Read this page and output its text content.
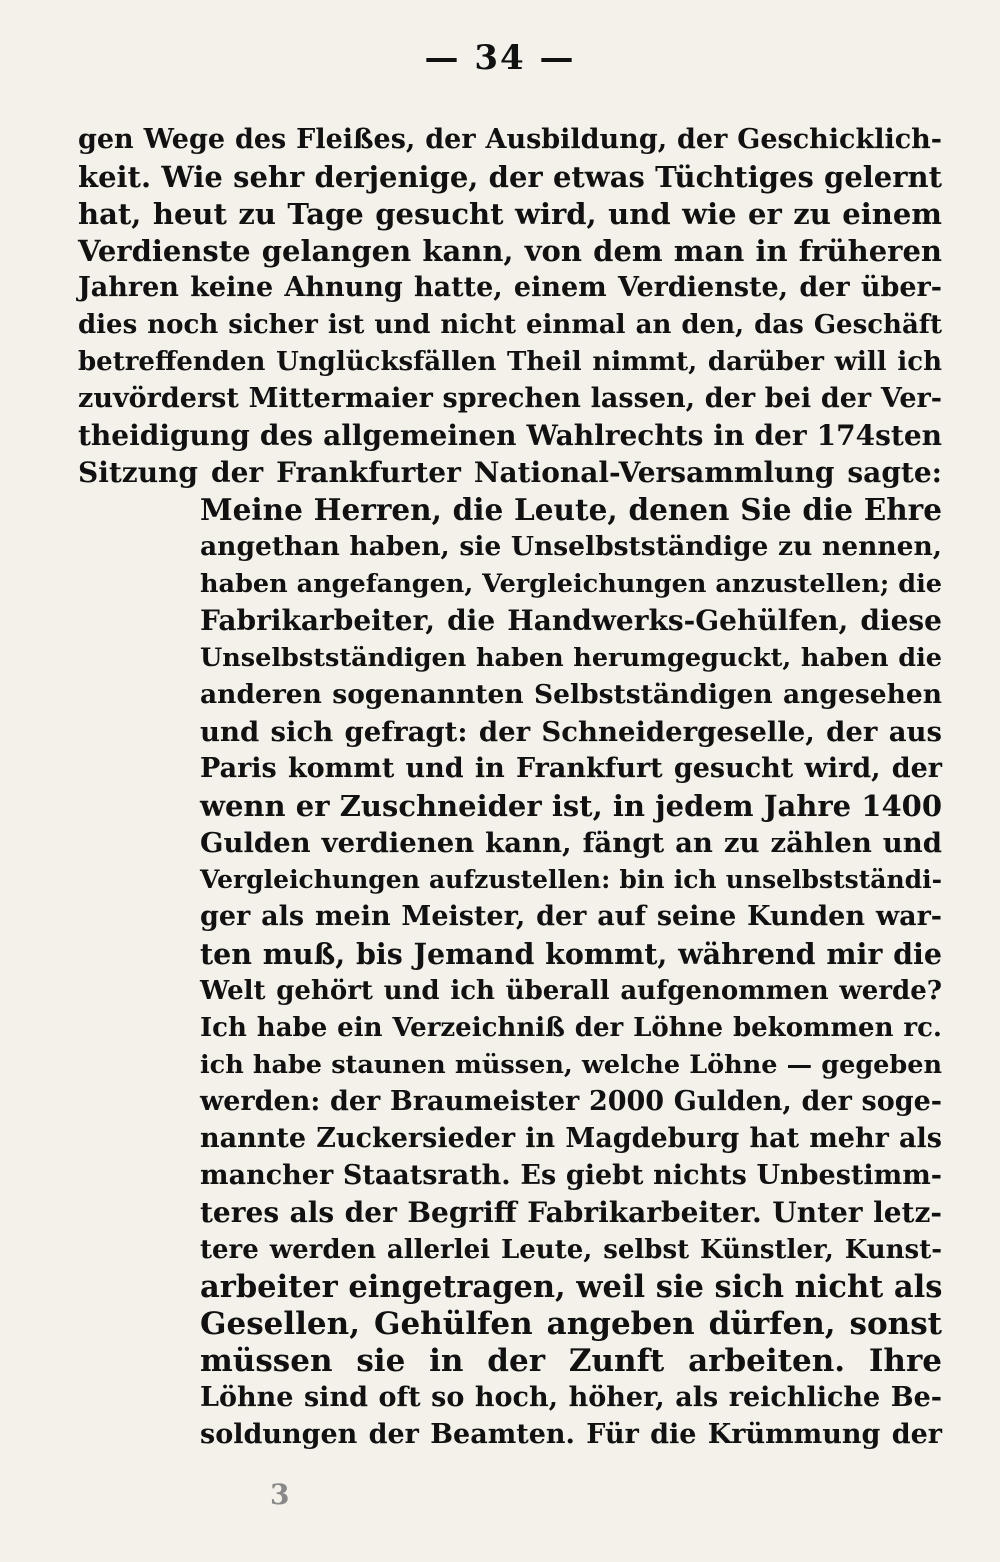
— 34 —
gen Wege des Fleißes, der Ausbildung, der Geschicklich-
keit. Wie sehr derjenige, der etwas Tüchtiges gelernt
hat, heut zu Tage gesucht wird, und wie er zu einem
Verdienste gelangen kann, von dem man in früheren
Jahren keine Ahnung hatte, einem Verdienste, der über-
dies noch sicher ist und nicht einmal an den, das Geschäft
betreffenden Unglücksfällen Theil nimmt, darüber will ich
zuvörderst Mittermaier sprechen lassen, der bei der Ver-
theidigung des allgemeinen Wahlrechts in der 174sten
Sitzung der Frankfurter National-Versammlung sagte:
Meine Herren, die Leute, denen Sie die Ehre
angethan haben, sie Unselbstständige zu nennen,
haben angefangen, Vergleichungen anzustellen; die
Fabrikarbeiter, die Handwerks-Gehülfen, diese
Unselbstständigen haben herumgeguckt, haben die
anderen sogenannten Selbstständigen angesehen
und sich gefragt: der Schneidergeselle, der aus
Paris kommt und in Frankfurt gesucht wird, der
wenn er Zuschneider ist, in jedem Jahre 1400
Gulden verdienen kann, fängt an zu zählen und
Vergleichungen aufzustellen: bin ich unselbstständi-
ger als mein Meister, der auf seine Kunden war-
ten muß, bis Jemand kommt, während mir die
Welt gehört und ich überall aufgenommen werde?
Ich habe ein Verzeichniß der Löhne bekommen rc.
ich habe staunen müssen, welche Löhne — gegeben
werden: der Braumeister 2000 Gulden, der soge-
nannte Zuckersieder in Magdeburg hat mehr als
mancher Staatsrath. Es giebt nichts Unbestimm-
teres als der Begriff Fabrikarbeiter. Unter letz-
tere werden allerlei Leute, selbst Künstler, Kunst-
arbeiter eingetragen, weil sie sich nicht als
Gesellen, Gehülfen angeben dürfen, sonst
müssen sie in der Zunft arbeiten. Ihre
Löhne sind oft so hoch, höher, als reichliche Be-
soldungen der Beamten. Für die Krümmung der
3
